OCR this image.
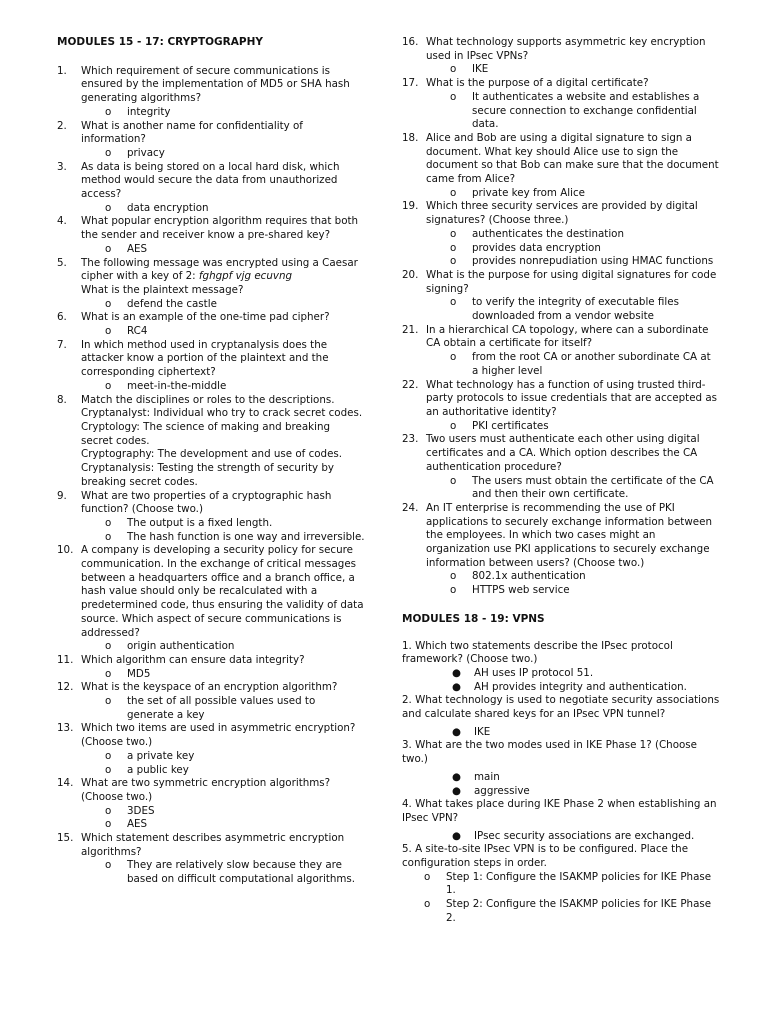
MODULES 15 - 17: CRYPTOGRAPHY
1.	Which requirement of secure communications is ensured by the implementation of MD5 or SHA hash generating algorithms?
o	integrity
2.	What is another name for confidentiality of information?
o	privacy
3.	As data is being stored on a local hard disk, which method would secure the data from unauthorized access?
o	data encryption
4.	What popular encryption algorithm requires that both the sender and receiver know a pre-shared key?
o	AES
5.	The following message was encrypted using a Caesar cipher with a key of 2: fghgpf vjg ecuvng
What is the plaintext message?
o	defend the castle
6.	What is an example of the one-time pad cipher?
o	RC4
7.	In which method used in cryptanalysis does the attacker know a portion of the plaintext and the corresponding ciphertext?
o	meet-in-the-middle
8.	Match the disciplines or roles to the descriptions.

Cryptanalyst: Individual who try to crack secret codes.

Cryptology: The science of making and breaking secret codes.

Cryptography: The development and use of codes.

Cryptanalysis: Testing the strength of security by breaking secret codes.

9.	What are two properties of a cryptographic hash function? (Choose two.)
o	The output is a fixed length.
o	The hash function is one way and irreversible.
10. A company is developing a security policy for secure communication. In the exchange of critical messages between a headquarters office and a branch office, a hash value should only be recalculated with a predetermined code, thus ensuring the validity of data source. Which aspect of secure communications is addressed?
o	origin authentication
11. Which algorithm can ensure data integrity?
o	MD5
12. What is the keyspace of an encryption algorithm?
o	the set of all possible values used to generate a key
13. Which two items are used in asymmetric encryption? (Choose two.)
o	a private key
o	a public key
14. What are two symmetric encryption algorithms? (Choose two.)
o	3DES
o	AES
15. Which statement describes asymmetric encryption algorithms?
o	They are relatively slow because they are based on difficult computational algorithms.
16. What technology supports asymmetric key encryption used in IPsec VPNs?
o	IKE
17. What is the purpose of a digital certificate?
o	It authenticates a website and establishes a secure connection to exchange confidential data.
18. Alice and Bob are using a digital signature to sign a document. What key should Alice use to sign the document so that Bob can make sure that the document came from Alice?
o	private key from Alice
19. Which three security services are provided by digital signatures? (Choose three.)
o	authenticates the destination
o	provides data encryption
o	provides nonrepudiation using HMAC functions
20. What is the purpose for using digital signatures for code signing?
o	to verify the integrity of executable files downloaded from a vendor website
21. In a hierarchical CA topology, where can a subordinate CA obtain a certificate for itself?
o	from the root CA or another subordinate CA at a higher level
22. What technology has a function of using trusted third-party protocols to issue credentials that are accepted as an authoritative identity?
o	PKI certificates
23. Two users must authenticate each other using digital certificates and a CA. Which option describes the CA authentication procedure?
o	The users must obtain the certificate of the CA and then their own certificate.
24. An IT enterprise is recommending the use of PKI applications to securely exchange information between the employees. In which two cases might an organization use PKI applications to securely exchange information between users? (Choose two.)
o	802.1x authentication
o	HTTPS web service
MODULES 18 - 19: VPNS

1. Which two statements describe the IPsec protocol framework? (Choose two.)

●	AH uses IP protocol 51.
●	AH provides integrity and authentication.

2. What technology is used to negotiate security associations and calculate shared keys for an IPsec VPN tunnel?

●	IKE

3. What are the two modes used in IKE Phase 1? (Choose two.)

●	main
●	aggressive

4. What takes place during IKE Phase 2 when establishing an IPsec VPN?

●	IPsec security associations are exchanged.

5. A site-to-site IPsec VPN is to be configured. Place the configuration steps in order.

o	Step 1: Configure the ISAKMP policies for IKE Phase 1.
o	Step 2: Configure the ISAKMP policies for IKE Phase 2.
